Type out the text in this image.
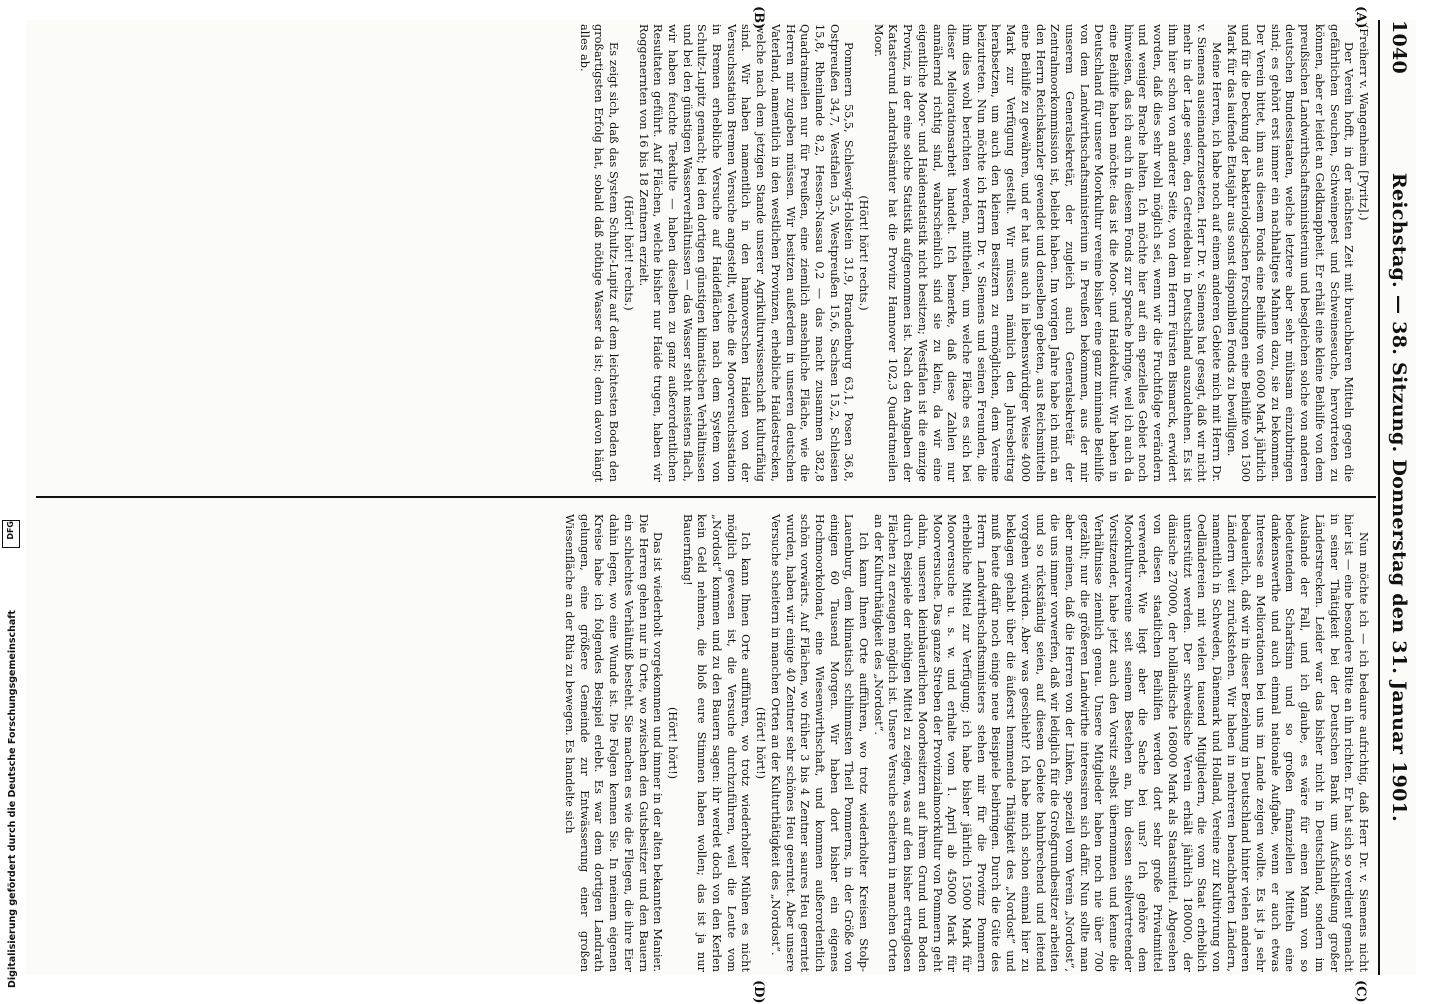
1040
Reichstag. — 38. Sitzung. Donnerstag den 31. Januar 1901.
(A)
(B)
(C)
(D)

(Freiherr v. Wangenheim [Pyritz].)

Der Verein hofft, in der nächsten Zeit mit brauchbaren Mitteln gegen die gefährlichen Seuchen, Schweinepest und Schweineseuche, hervortreten zu können, aber er leidet an Geldknappheit. Er erhält eine kleine Beihilfe von dem preußischen Landwirthschaftsministerium und besgleichen solche von anderen deutschen Bundesstaaten, welche letztere aber sehr mühsam einzubringen sind; es gehört erst immer ein nachhaltiges Mahnen dazu, sie zu bekommen. Der Verein bittet, ihm aus diesem Fonds eine Beihilfe von 6000 Mark jährlich und für die Deckung der bakteriologischen Forschungen eine Beihilfe von 1500 Mark für das laufende Etatsjahr aus sonst disponiblen Fonds zu bewilligen.

Meine Herren, ich habe noch auf einem anderen Gebiete mich mit Herrn Dr. v. Siemens auseinanderzusetzen. Herr Dr. v. Siemens hat gesagt, daß wir nicht mehr in der Lage seien, den Getreidebau in Deutschland auszudehnen. Es ist ihm hier schon von anderer Seite, von dem Herrn Fürsten Bismarck, erwidert worden, daß dies sehr wohl möglich sei, wenn wir die Fruchtfolge verändern und weniger Brache halten. Ich möchte hier auf ein spezielles Gebiet noch hinweisen, das ich auch in diesem Fonds zur Sprache bringe, weil ich auch da eine Beihilfe haben möchte: das ist die Moor- und Haidekultur. Wir haben in Deutschland für unsere Moorkultur vereine bisher eine ganz minimale Beihilfe von dem Landwirthschaftsministerium in Preußen bekommen, aus der mir unserem Generalsekretär, der zugleich auch Generalsekretär der Zentralmoorkommission ist, beliebt haben. Im vorigen Jahre habe ich mich an den Herrn Reichskanzler gewendet und denselben gebeten, aus Reichsmitteln eine Beihilfe zu gewähren, und er hat uns auch in liebenswürdiger Weise 4000 Mark zur Verfügung gestellt. Wir müssen nämlich den Jahresbeitrag herabsetzen, um auch den kleinen Besitzern zu ermöglichen, dem Vereine beizutreten. Nun möchte ich Herrn Dr. v. Siemens und seinen Freunden, die ihm dies wohl berichten werden, mittheilen, um welche Fläche es sich bei dieser Meliorationsarbeit handelt. Ich bemerke, daß diese Zahlen nur annähernd richtig sind, wahrscheinlich sind sie zu klein, da wir eine eigentliche Moor- und Haidenstatistik nicht besitzen; Westfalen ist die einzige Provinz, in der eine solche Statistik aufgenommen ist. Nach den Angaben der Katasterund Landrathsämter hat die Provinz Hannover 102,3 Quadratmeilen Moor.

(Hört! hört! rechts.)

Pommern 55,5, Schleswig-Holstein 31,9, Brandenburg 63,1, Posen 36,8, Ostpreußen 34,7, Westfalen 3,5, Westpreußen 15,6, Sachsen 15,2, Schlesien 15,8, Rheinlande 8,2, Hessen-Nassau 0,2 — das macht zusammen 382,8 Quadratmeilen nur für Preußen, eine ziemlich ansehnliche Fläche, wie die Herren mir zugeben müssen. Wir besitzen außerdem in unseren deutschen Vaterland, namentlich in den westlichen Provinzen, erhebliche Haidestrecken, welche nach dem jetzigen Stande unserer Agrikulturwissenschaft kulturfähig sind. Wir haben namentlich in den hannoverschen Haiden von der Versuchsstation Bremen Versuche angestellt, welche die Moorversuchsstation in Bremen erhebliche Versuche auf Haideflächen nach dem System von Schultz-Lupitz gemacht; bei den dortigen günstigen klimatischen Verhältnissen und bei den günstigen Wasserverhältnissen — das Wasser steht meistens flach, wir haben feuchte Teekulte — haben dieselben zu ganz außerordentlichen Resultaten geführt. Auf Flächen, welche bisher nur Haide trugen, haben wir Roggenernten von 16 bis 18 Zentnern erzielt.

(Hört! hört! rechts.)

Es zeigt sich, daß das System Schultz-Lupitz auf dem leichtesten Boden den großartigsten Erfolg hat, sobald daß nöthige Wasser da ist; denn davon hängt alles ab.

Nun möchte ich — ich bedaure aufrichtig, daß Herr Dr. v. Siemens nicht hier ist — eine besondere Bitte an ihn richten. Er hat sich so verdient gemacht in seiner Thätigkeit bei der Deutschen Bank um Aufschließung großer Länderstrecken. Leider war das bisher nicht in Deutschland, sondern im Auslande der Fall, und ich glaube, es wäre für einen Mann von so bedeutendem Scharfsinn und so großen finanziellen Mitteln eine dankenswerthe und auch einmal nationale Aufgabe, wenn er auch etwas Interesse an Meliorationen bei uns im Lande zeigen wollte. Es ist ja sehr bedauerlich, daß wir in dieser Beziehung in Deutschland hinter vielen anderen Ländern weit zurückstehen. Wir haben in mehreren benachbarten Ländern, namentlich in Schweden, Dänemark und Holland, Vereine zur Kultivirung von Oedländereien mit vielen tausend Mitgliedern, die vom Staat erheblich unterstützt werden. Der schwedische Verein erhält jährlich 180000, der dänische 270000, der holländische 168000 Mark als Staatsmittel. Abgesehen von diesen staatlichen Beihilfen werden dort sehr große Privatmittel verwendet. Wie liegt aber die Sache bei uns? Ich gehöre dem Moorkulturvereine seit seinem Bestehen an, bin dessen stellvertretender Vorsitzender, habe jetzt auch den Vorsitz selbst übernommen und kenne die Verhältnisse ziemlich genau. Unsere Mitglieder haben noch nie über 700 gezählt; nur die größeren Landwirthe interessiren sich dafür. Nun sollte man aber meinen, daß die Herren von der Linken, speziell vom Verein „Nordost“, die uns immer vorwerfen, daß wir lediglich für die Großgrundbesitzer arbeiten und so rückständig seien, auf diesem Gebiete bahnbrechend und leitend vorgehen würden. Aber was geschieht? Ich habe mich schon einmal hier zu beklagen gehabt über die äußerst hemmende Thätigkeit des „Nordost“ und muß heute dafür noch einige neue Beispiele beibringen. Durch die Güte des Herrn Landwirthschaftsministers stehen mir für die Provinz Pommern erhebliche Mittel zur Verfügung; ich habe bisher jährlich 15000 Mark für Moorversuche u. s. w. und erhalte vom 1. April ab 45000 Mark für Moorversuche. Das ganze Streben der Provinzialmoorkultur von Pommern geht dahin, unseren kleinbäuerlichen Moorbesitzern auf ihrem Grund und Boden durch Beispiele der nöthigen Mittel zu zeigen, was auf den bisher ertraglosen Flächen zu erzeugen möglich ist. Unsere Versuche scheitern in manchen Orten an der Kulturthätigkeit des „Nordost“.

Ich kann Ihnen Orte aufführen, wo trotz wiederholter Kreisen Stolp-Lauenburg, dem klimatisch schlimmsten Theil Pommerns, in der Größe von einigen 60 Tausend Morgen. Wir haben dort bisher ein eigenes Hochmoorkolonat, eine Wiesenwirthschaft, und kommen außerordentlich schön vorwärts. Auf Flächen, wo früher 3 bis 4 Zentner saures Heu geerntet wurden, haben wir einige 40 Zentner sehr schönes Heu geerntet. Aber unsere Versuche scheitern in manchen Orten an der Kulturthätigkeit des „Nordost“.

(Hört! hört!)

Ich kann Ihnen Orte aufführen, wo trotz wiederholter Mühen es nicht möglich gewesen ist, die Versuche durchzuführen, weil die Leute vom „Nordost“ kommen und zu den Bauern sagen: ihr werdet doch von den Kerlen kein Geld nehmen, die bloß eure Stimmen haben wollen; das ist ja nur Bauernfang!

(Hört! hört!)

Das ist wiederholt vorgekommen und immer in der alten bekannten Manier. Die Herren gehen nur in Orte, wo zwischen den Gutsbesitzer und den Bauern ein schlechtes Verhältniß besteht. Sie machen es wie die Fliegen, die ihre Eier dahin legen, wo eine Wunde ist. Die Folgen kennen Sie. In meinem eigenen Kreise habe ich folgendes Beispiel erlebt. Es war dem dortigen Landrath gelungen, eine größere Gemeinde zur Entwässerung einer großen Wiesenfläche an der Rhia zu bewegen. Es handelte sich

Digitalisierung gefördert durch die Deutsche Forschungsgemeinschaft
DFG
